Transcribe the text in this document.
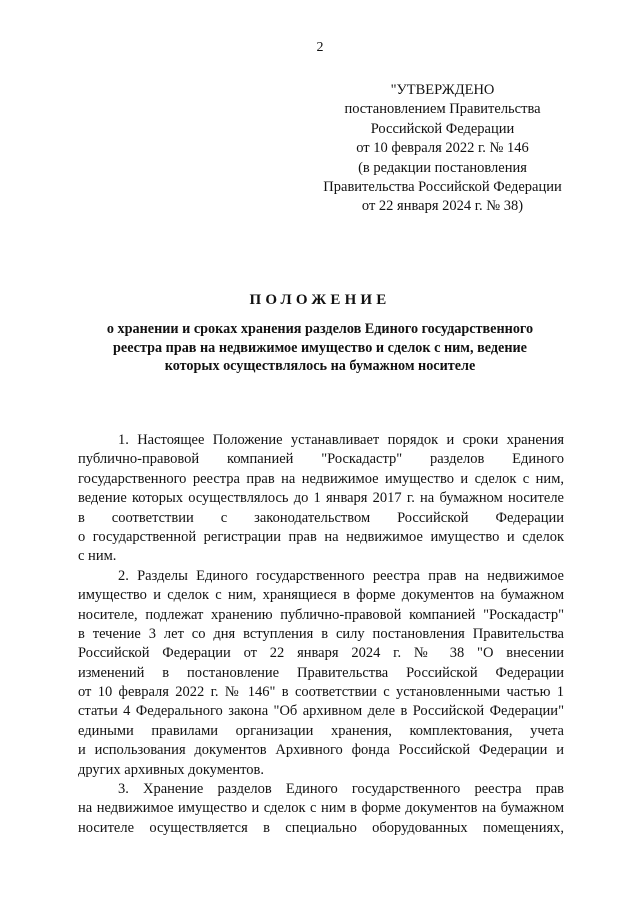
2
"УТВЕРЖДЕНО
постановлением Правительства
Российской Федерации
от 10 февраля 2022 г. № 146
(в редакции постановления
Правительства Российской Федерации
от 22 января 2024 г. № 38)
ПОЛОЖЕНИЕ
о хранении и сроках хранения разделов Единого государственного
реестра прав на недвижимое имущество и сделок с ним, ведение
которых осуществлялось на бумажном носителе
1. Настоящее Положение устанавливает порядок и сроки хранения
публично-правовой компанией "Роскадастр" разделов Единого
государственного реестра прав на недвижимое имущество и сделок с ним,
ведение которых осуществлялось до 1 января 2017 г. на бумажном носителе
в соответствии с законодательством Российской Федерации
о государственной регистрации прав на недвижимое имущество и сделок
с ним.
2. Разделы Единого государственного реестра прав на недвижимое
имущество и сделок с ним, хранящиеся в форме документов на бумажном
носителе, подлежат хранению публично-правовой компанией "Роскадастр"
в течение 3 лет со дня вступления в силу постановления Правительства
Российской Федерации от 22 января 2024 г. № 38 "О внесении
изменений в постановление Правительства Российской Федерации
от 10 февраля 2022 г. № 146" в соответствии с установленными частью 1
статьи 4 Федерального закона "Об архивном деле в Российской Федерации"
едиными правилами организации хранения, комплектования, учета
и использования документов Архивного фонда Российской Федерации и
других архивных документов.
3. Хранение разделов Единого государственного реестра прав
на недвижимое имущество и сделок с ним в форме документов на бумажном
носителе осуществляется в специально оборудованных помещениях,
